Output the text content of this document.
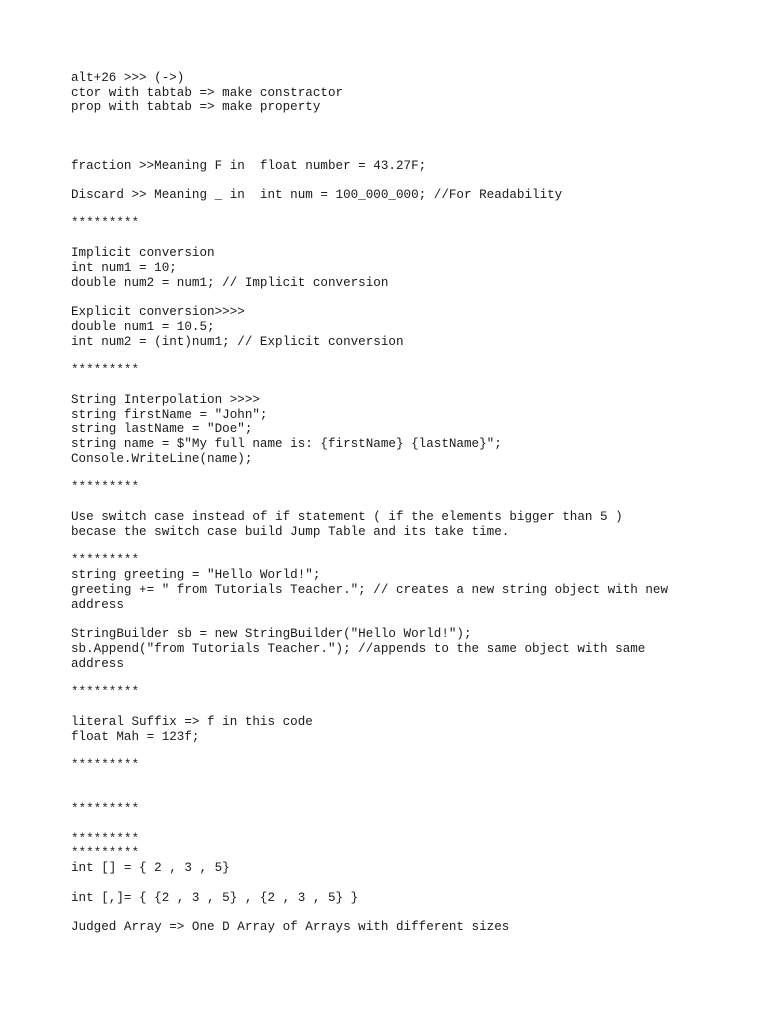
alt+26 >>> (->)
ctor with tabtab => make constractor
prop with tabtab => make property
fraction >>Meaning F in  float number = 43.27F;
Discard >> Meaning _ in  int num = 100_000_000; //For Readability
*********
Implicit conversion
int num1 = 10;
double num2 = num1; // Implicit conversion
Explicit conversion>>>>
double num1 = 10.5;
int num2 = (int)num1; // Explicit conversion
*********
String Interpolation >>>>
string firstName = "John";
string lastName = "Doe";
string name = $"My full name is: {firstName} {lastName}";
Console.WriteLine(name);
*********
Use switch case instead of if statement ( if the elements bigger than 5 )
becase the switch case build Jump Table and its take time.
*********
string greeting = "Hello World!";
greeting += " from Tutorials Teacher."; // creates a new string object with new
address
StringBuilder sb = new StringBuilder("Hello World!");
sb.Append("from Tutorials Teacher."); //appends to the same object with same
address
*********
literal Suffix => f in this code
float Mah = 123f;
*********
*********
*********
*********
int [] = { 2 , 3 , 5}
int [,]= { {2 , 3 , 5} , {2 , 3 , 5} }
Judged Array => One D Array of Arrays with different sizes
